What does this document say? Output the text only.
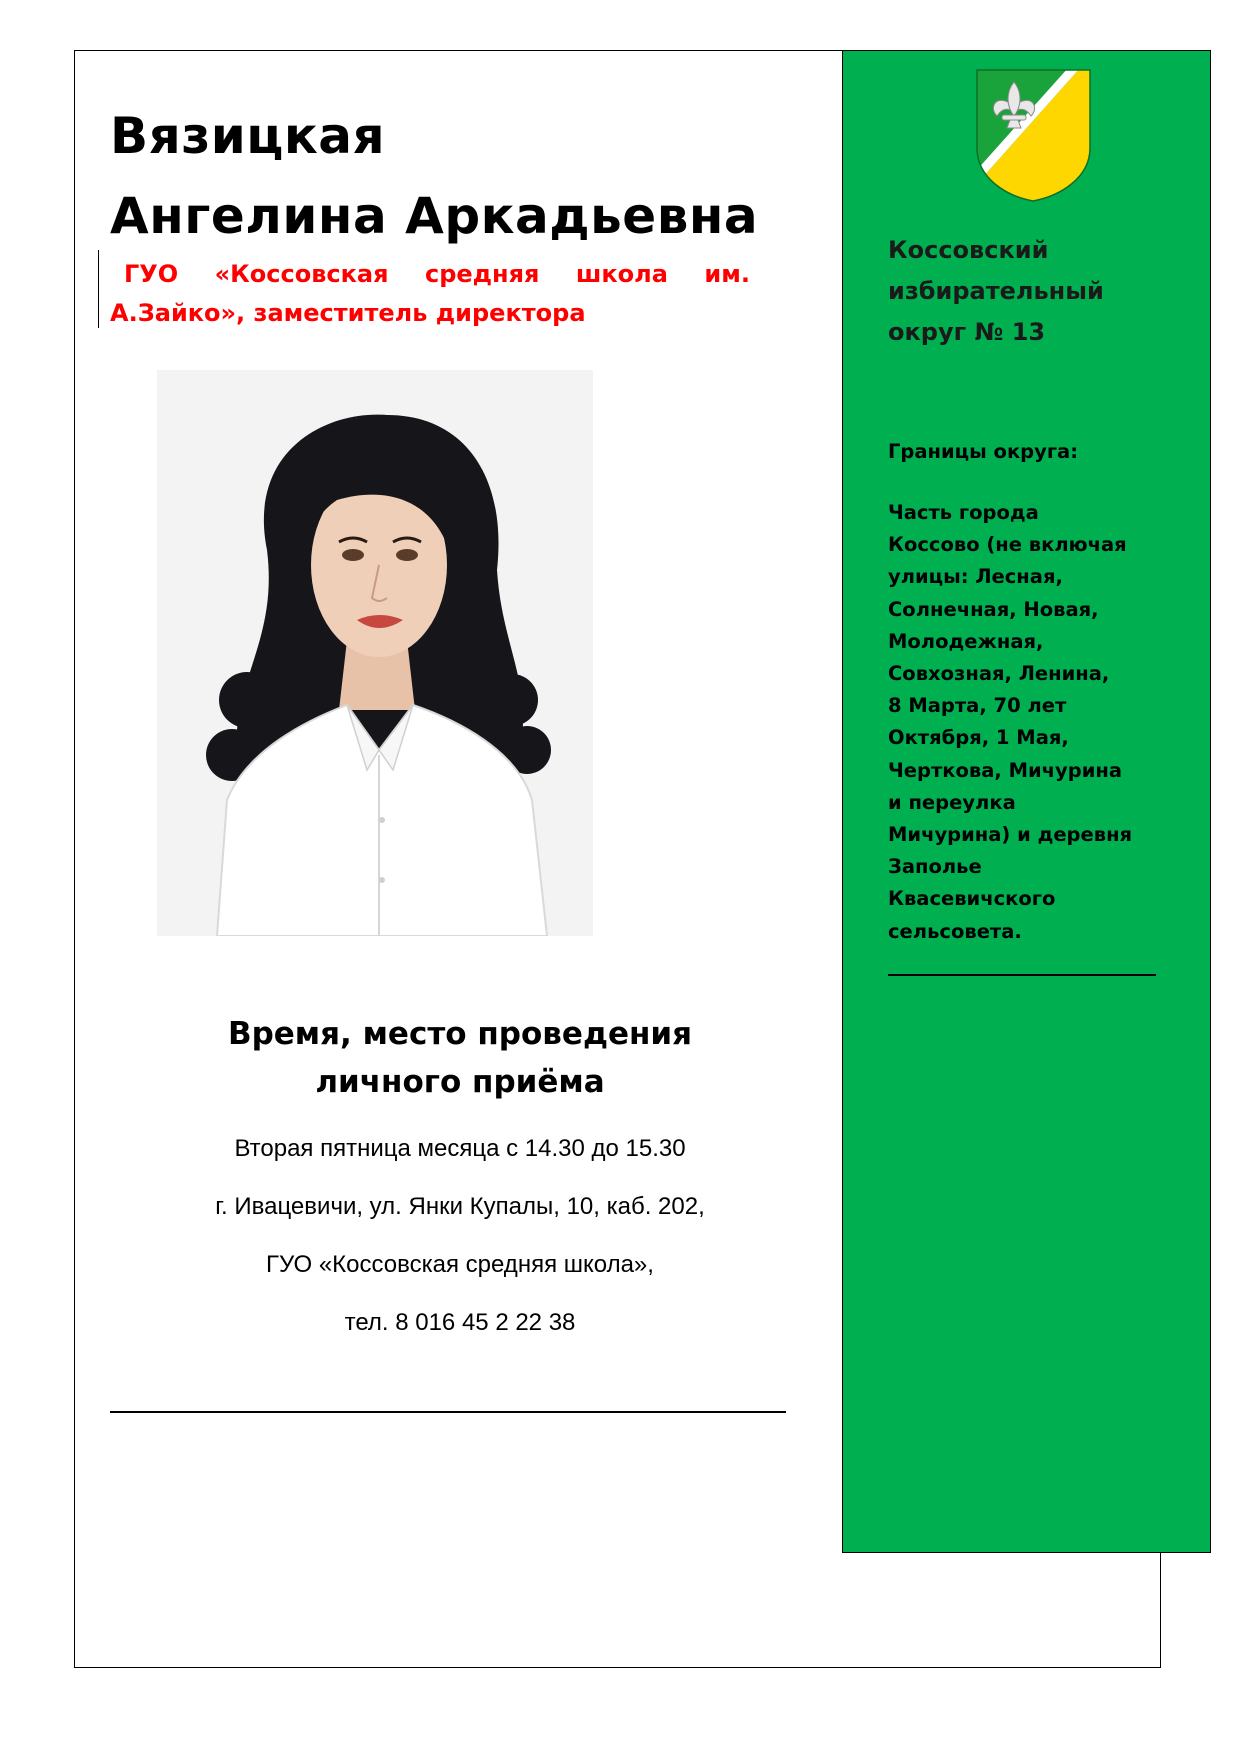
Вязицкая
Ангелина Аркадьевна
ГУО «Коссовская средняя школа им.
А.Зайко», заместитель директора
Время, место проведения
личного приёма
Вторая пятница месяца с 14.30 до 15.30
г. Ивацевичи, ул. Янки Купалы, 10, каб. 202,
ГУО «Коссовская средняя школа»,
тел. 8 016 45 2 22 38
Коссовский
избирательный
округ № 13
Границы округа:
Часть города
Коссово (не включая
улицы: Лесная,
Солнечная, Новая,
Молодежная,
Совхозная, Ленина,
8 Марта, 70 лет
Октября, 1 Мая,
Черткова, Мичурина
и переулка
Мичурина) и деревня
Заполье
Квасевичского
сельсовета.
